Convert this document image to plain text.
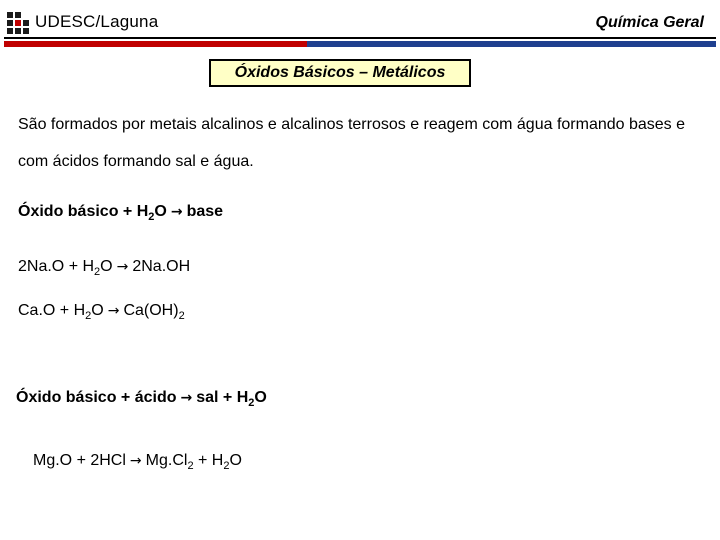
UDESC/Laguna	Química Geral
Óxidos Básicos – Metálicos
São formados por metais alcalinos e alcalinos terrosos e reagem com água formando bases e com ácidos formando sal e água.
Óxido básico + $H_2O$ → base
$2Na.O + H_2O \to 2Na.OH$
$Ca.O + H_2O \to Ca(OH)_2$
Óxido básico + ácido → sal + $H_2O$
$Mg.O + 2HCl \to Mg.Cl_2 + H_2O$
